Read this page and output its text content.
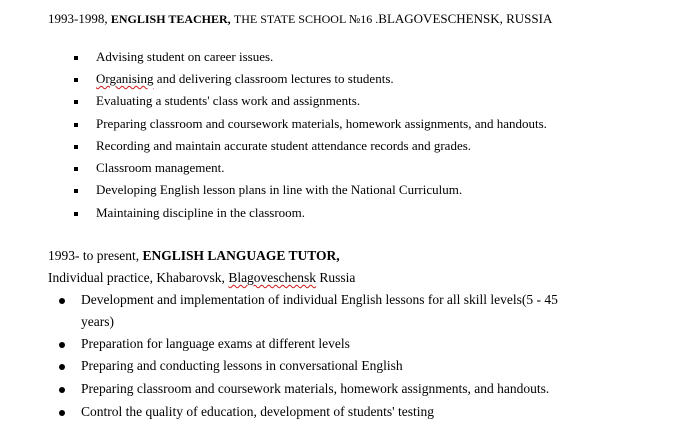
1993-1998, ENGLISH TEACHER, THE STATE SCHOOL №16 .BLAGOVESCHENSK, RUSSIA
Advising student on career issues.
Organising and delivering classroom lectures to students.
Evaluating a students' class work and assignments.
Preparing classroom and coursework materials, homework assignments, and handouts.
Recording and maintain accurate student attendance records and grades.
Classroom management.
Developing English lesson plans in line with the National Curriculum.
Maintaining discipline in the classroom.
1993- to present, ENGLISH LANGUAGE TUTOR,
Individual practice, Khabarovsk, Blagoveschensk Russia
Development and implementation of individual English lessons for all skill levels(5 - 45
years)
Preparation for language exams at different levels
Preparing and conducting lessons in conversational English
Preparing classroom and coursework materials, homework assignments, and handouts.
Control the quality of education, development of students' testing
